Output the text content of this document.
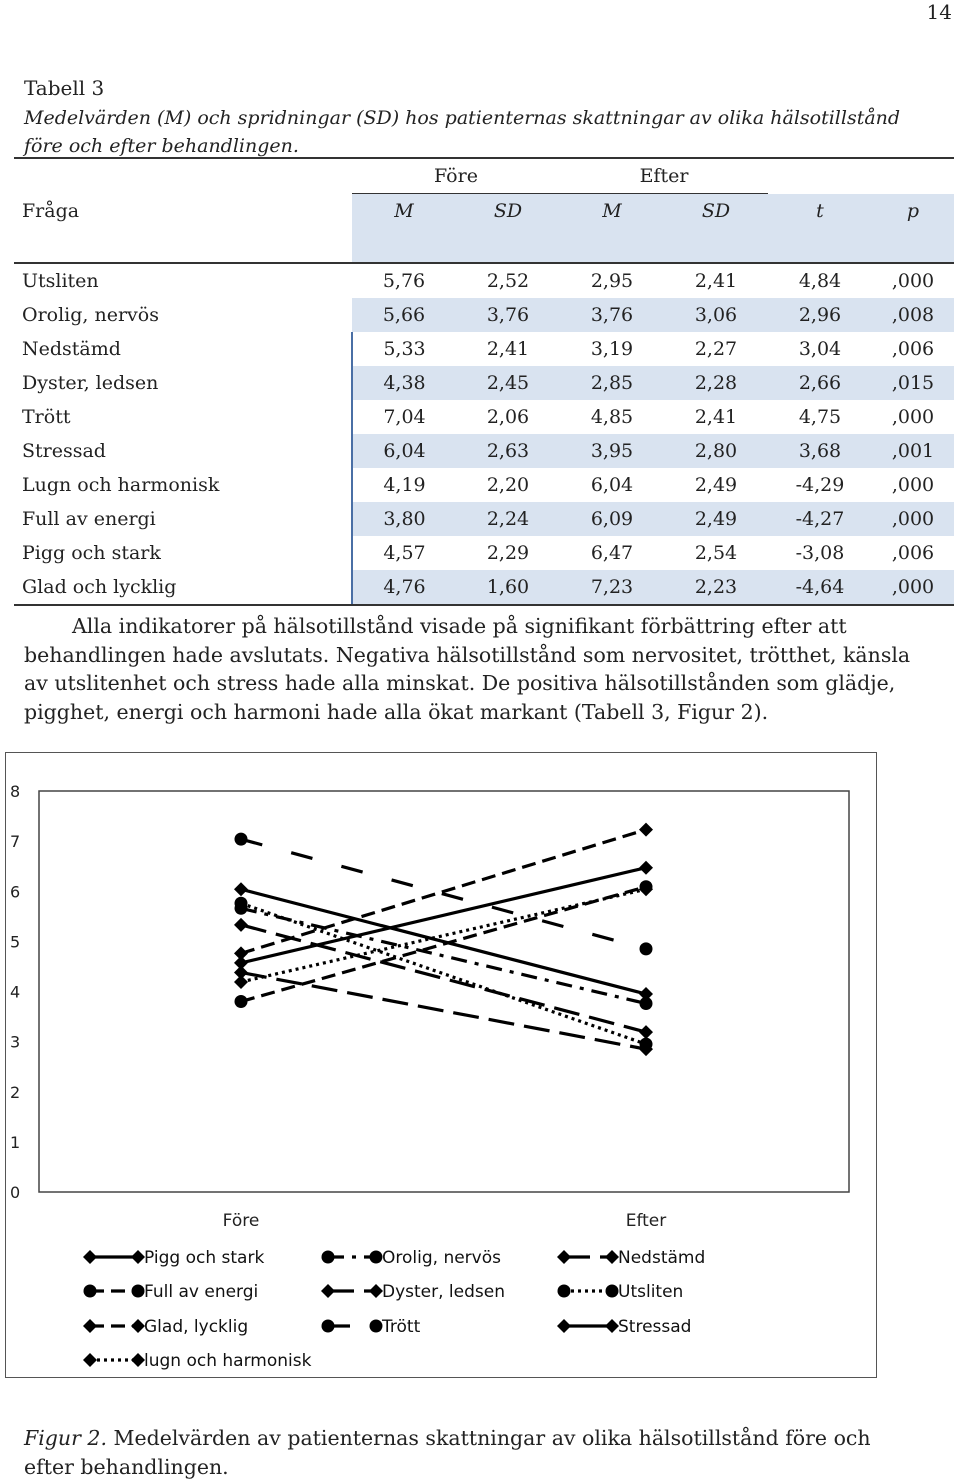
14
Tabell 3
Medelvärden (M) och spridningar (SD) hos patienternas skattningar av olika hälsotillstånd före och efter behandlingen.
	Före		Efter			
Fråga	M	SD	M	SD	t	p

Utsliten	5,76	2,52	2,95	2,41	4,84	,000
Orolig, nervös	5,66	3,76	3,76	3,06	2,96	,008
Nedstämd	5,33	2,41	3,19	2,27	3,04	,006
Dyster, ledsen	4,38	2,45	2,85	2,28	2,66	,015
Trött	7,04	2,06	4,85	2,41	4,75	,000
Stressad	6,04	2,63	3,95	2,80	3,68	,001
Lugn och harmonisk	4,19	2,20	6,04	2,49	-4,29	,000
Full av energi	3,80	2,24	6,09	2,49	-4,27	,000
Pigg och stark	4,57	2,29	6,47	2,54	-3,08	,006
Glad och lycklig	4,76	1,60	7,23	2,23	-4,64	,000
Alla indikatorer på hälsotillstånd visade på signifikant förbättring efter att behandlingen hade avslutats. Negativa hälsotillstånd som nervositet, trötthet, känsla av utslitenhet och stress hade alla minskat. De positiva hälsotillstånden som glädje, pigghet, energi och harmoni hade alla ökat markant (Tabell 3, Figur 2).
0
1
2
3
4
5
6
7
8
Före	Efter
Pigg och stark	Orolig, nervös	Nedstämd
Full av energi	Dyster, ledsen	Utsliten
Glad, lycklig	Trött	Stressad
lugn och harmonisk
Figur 2. Medelvärden av patienternas skattningar av olika hälsotillstånd före och efter behandlingen.
